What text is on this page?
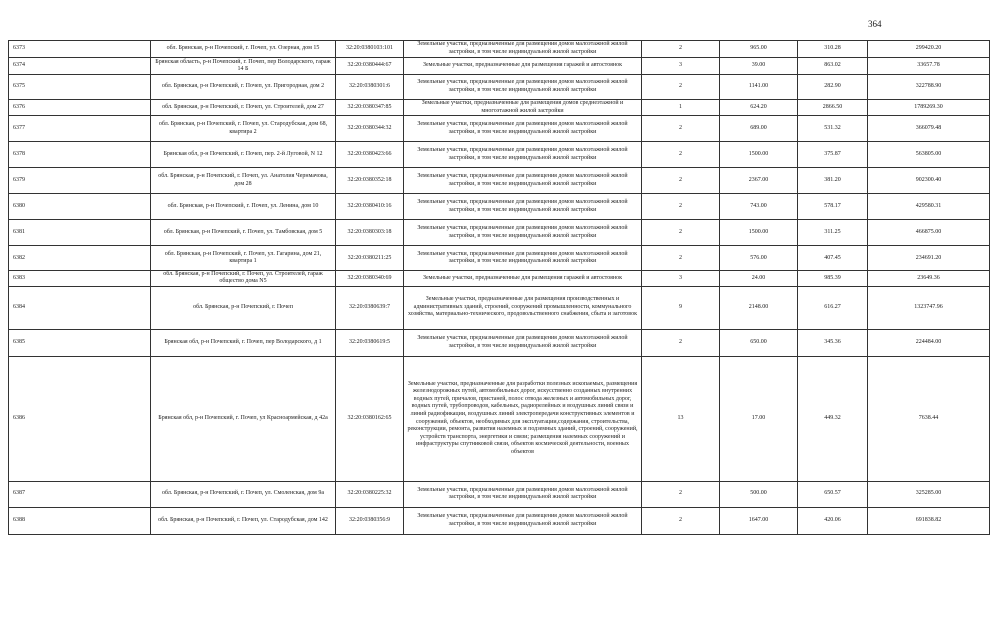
364
6373	обл. Брянская, р-н Почепский, г. Почеп, ул. Озерная, дом 15	32:20:0380103:101	Земельные участки, предназначенные для размещения домов малоэтажной жилой застройки, в том числе индивидуальной жилой застройки	2	965.00	310.28	299420.20
6374	Брянская область, р-н Почепский, г. Почеп, пер Володарского, гараж 14 Б	32:20:0380444:67	Земельные участки, предназначенные для размещения гаражей и автостоянок	3	39.00	863.02	33657.78
6375	обл. Брянская, р-н Почепский, г. Почеп, ул. Пригородная, дом 2	32:20:0380301:6	Земельные участки, предназначенные для размещения домов малоэтажной жилой застройки, в том числе индивидуальной жилой застройки	2	1141.00	282.90	322788.90
6376	обл. Брянская, р-н Почепский, г. Почеп, ул. Строителей, дом 27	32:20:0380347:85	Земельные участки, предназначенные для размещения домов среднеэтажной и многоэтажной жилой застройки	1	624.20	2866.50	1789269.30
6377	обл. Брянская, р-н Почепский, г. Почеп, ул. Стародубская, дом 68, квартира 2	32:20:0380344:32	Земельные участки, предназначенные для размещения домов малоэтажной жилой застройки, в том числе индивидуальной жилой застройки	2	689.00	531.32	366079.48
6378	Брянская обл, р-н Почепский, г. Почеп, пер. 2-й Луговой, N 12	32:20:0380423:66	Земельные участки, предназначенные для размещения домов малоэтажной жилой застройки, в том числе индивидуальной жилой застройки	2	1500.00	375.87	563805.00
6379	обл. Брянская, р-н Почепский, г. Почеп, ул. Анатолия Чернмачова, дом 28	32:20:0380352:18	Земельные участки, предназначенные для размещения домов малоэтажной жилой застройки, в том числе индивидуальной жилой застройки	2	2367.00	381.20	902300.40
6380	обл. Брянская, р-н Почепский, г. Почеп, ул. Ленина, дом 10	32:20:0380410:16	Земельные участки, предназначенные для размещения домов малоэтажной жилой застройки, в том числе индивидуальной жилой застройки	2	743.00	578.17	429580.31
6381	обл. Брянская, р-н Почепский, г. Почеп, ул. Тамбовская, дом 5	32:20:0380303:18	Земельные участки, предназначенные для размещения домов малоэтажной жилой застройки, в том числе индивидуальной жилой застройки	2	1500.00	311.25	466875.00
6382	обл. Брянская, р-н Почепский, г. Почеп, ул. Гагарина, дом 21, квартира 1	32:20:0380211:25	Земельные участки, предназначенные для размещения домов малоэтажной жилой застройки, в том числе индивидуальной жилой застройки	2	576.00	407.45	234691.20
6383	обл. Брянская, р-н Почепский, г. Почеп, ул. Строителей, гараж общество дома N5	32:20:0380340:69	Земельные участки, предназначенные для размещения гаражей и автостоянок	3	24.00	985.39	23649.36
6384	обл. Брянская, р-н Почепский, г. Почеп	32:20:0380639:7	Земельные участки, предназначенные для размещения производственных и административных зданий, строений, сооружений промышленности, коммунального хозяйства, материально-технического, продовольственного снабжения, сбыта и заготовок	9	2148.00	616.27	1323747.96
6385	Брянская обл, р-н Почепский, г. Почеп, пер Володарского, д 1	32:20:0380619:5	Земельные участки, предназначенные для размещения домов малоэтажной жилой застройки, в том числе индивидуальной жилой застройки	2	650.00	345.36	224484.00
6386	Брянская обл, р-н Почепский, г. Почеп, ул Красноармейская, д 42а	32:20:0380162:65	Земельные участки, предназначенные для разработки полезных ископаемых, размещения железнодорожных путей, автомобильных дорог, искусственно созданных внутренних водных путей, причалов, пристаней, полос отвода железных и автомобильных дорог, водных путей, трубопроводов, кабельных, радиорелейных и воздушных линий связи и линий радиофикации, воздушных линий электропередачи конструктивных элементов и сооружений, объектов, необходимых для эксплуатации,содержания, строительства, реконструкции, ремонта, развития наземных и подземных зданий, строений, сооружений, устройств транспорта, энергетики и связи; размещения наземных сооружений и инфраструктуры спутниковой связи, объектов космической деятельности, военных объектов	13	17.00	449.32	7638.44
6387	обл. Брянская, р-н Почепский, г. Почеп, ул. Смоленская, дом 9а	32:20:0380225:32	Земельные участки, предназначенные для размещения домов малоэтажной жилой застройки, в том числе индивидуальной жилой застройки	2	500.00	650.57	325285.00
6388	обл. Брянская, р-н Почепский, г. Почеп, ул. Стародубская, дом 142	32:20:0380356:9	Земельные участки, предназначенные для размещения домов малоэтажной жилой застройки, в том числе индивидуальной жилой застройки	2	1647.00	420.06	691838.82
